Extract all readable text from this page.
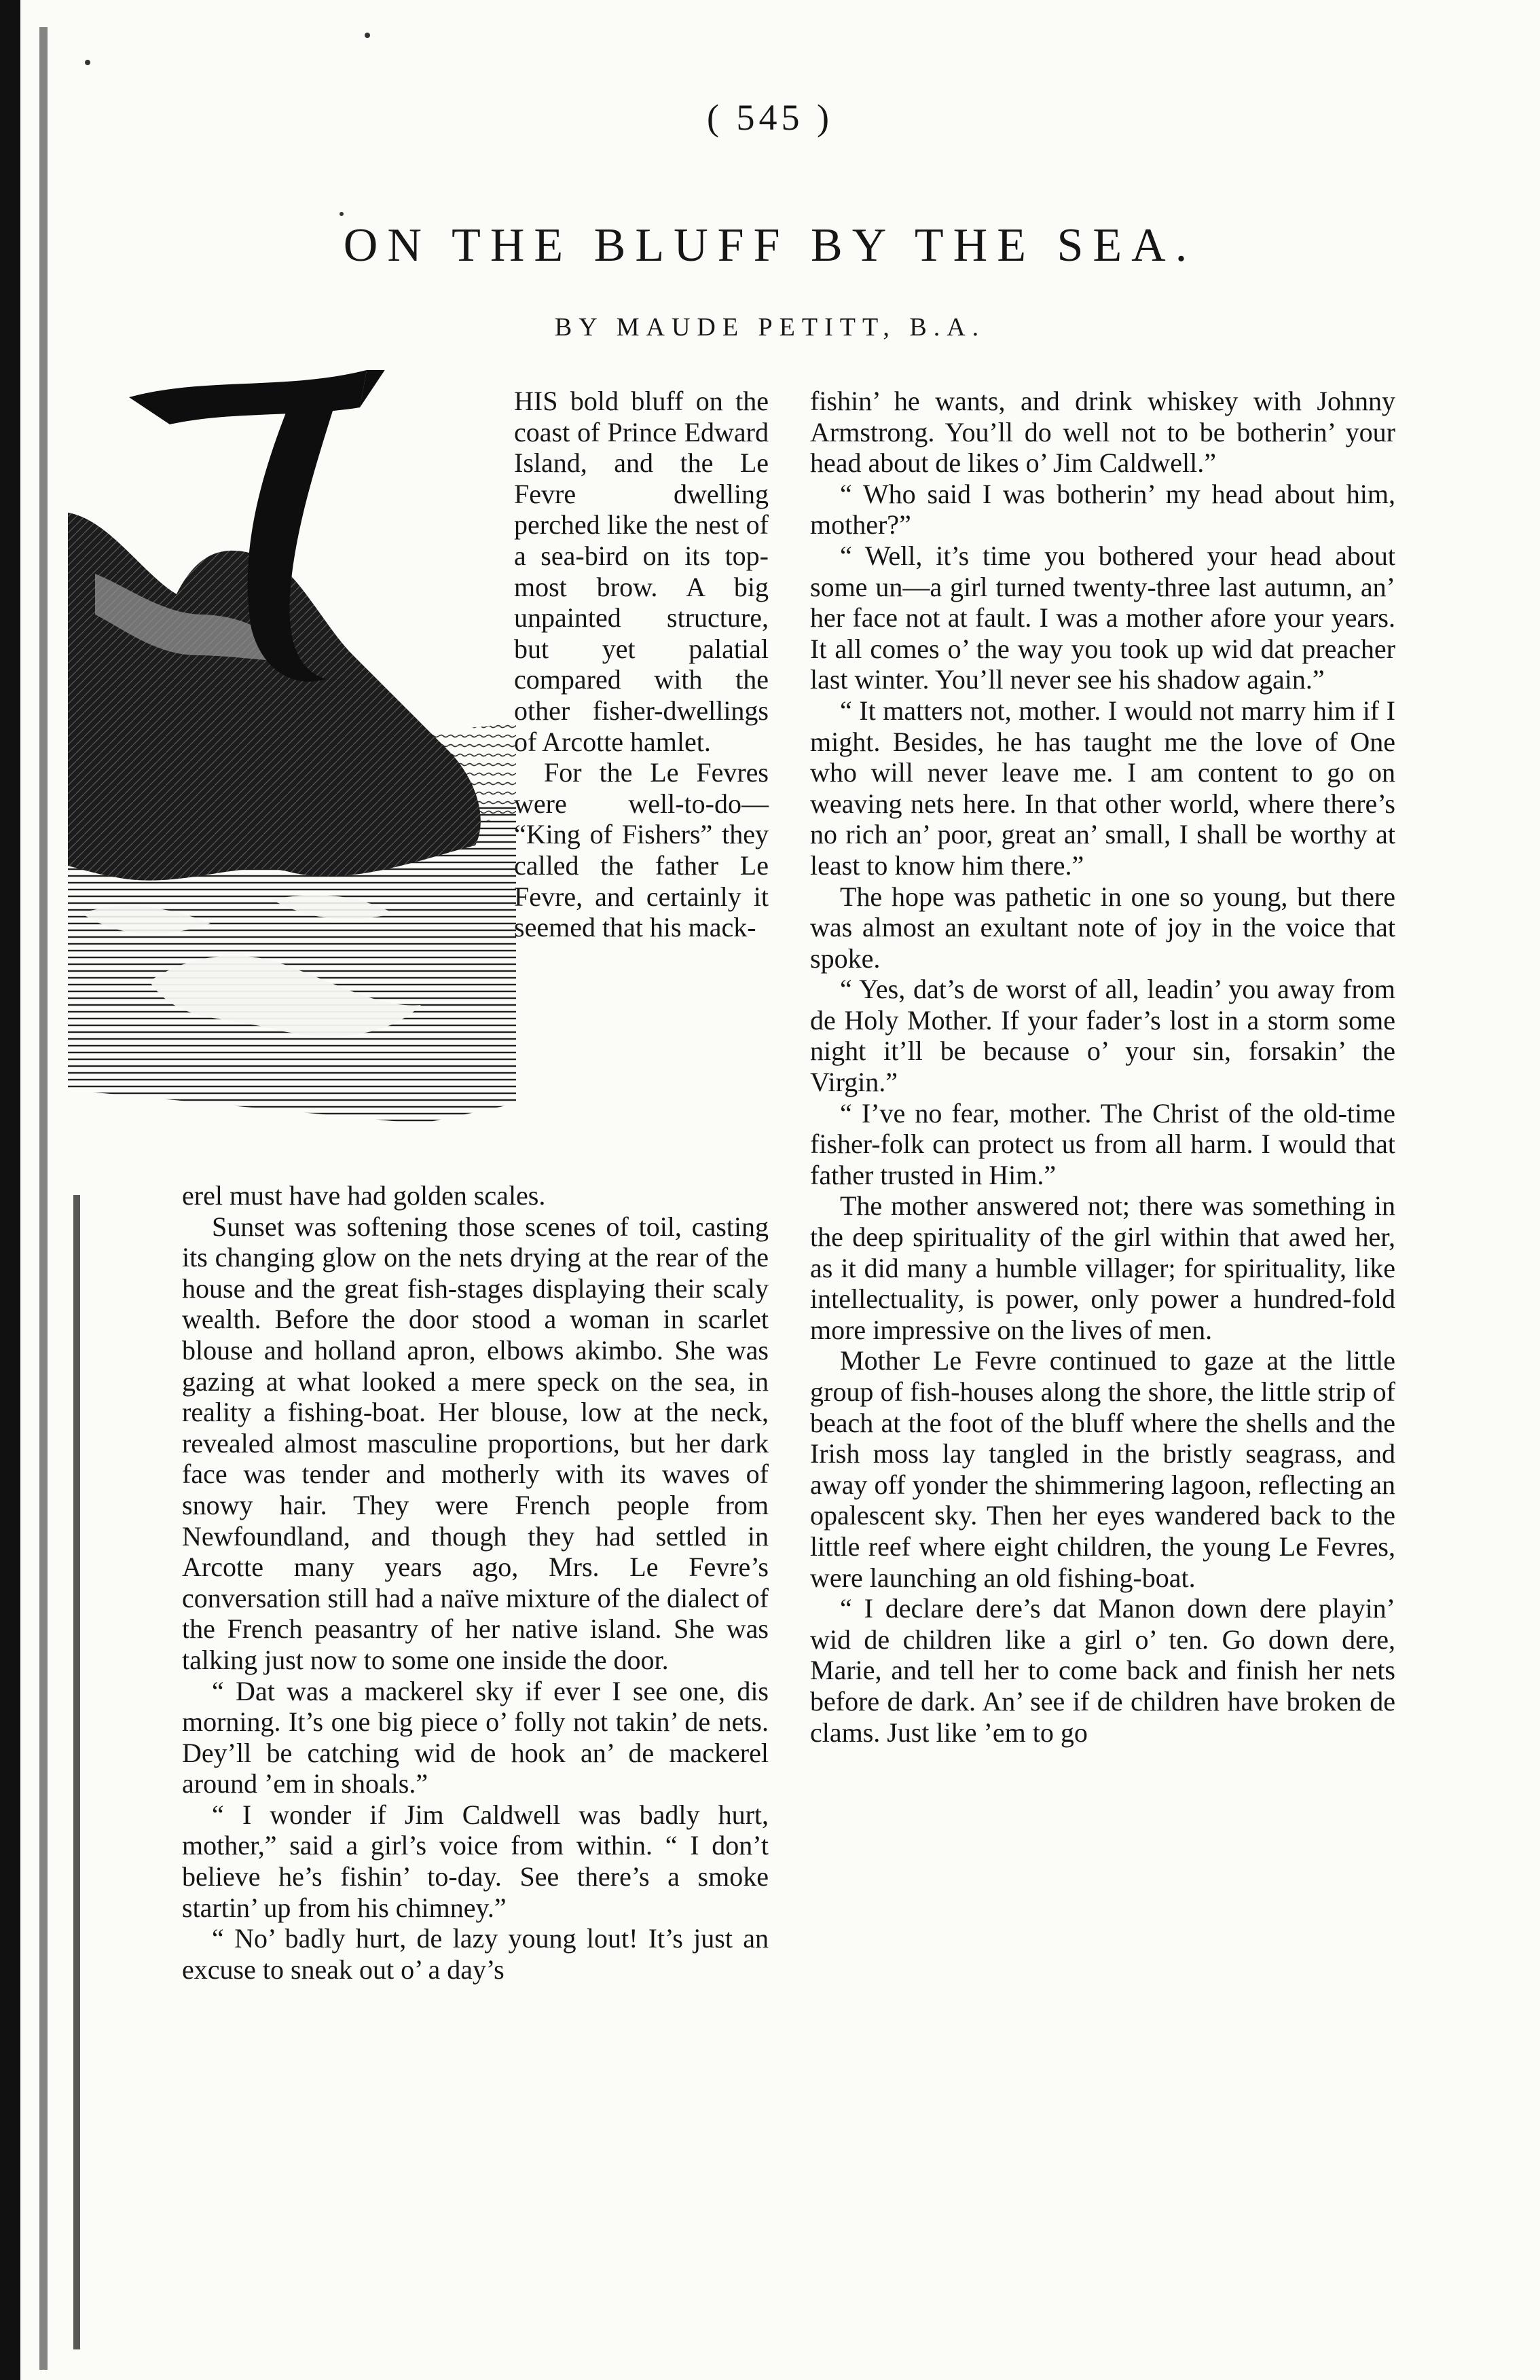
( 545 )
ON THE BLUFF BY THE SEA.
BY MAUDE PETITT, B.A.

HIS bold bluff on the coast of Prince Edward Island, and the Le Fevre dwelling perched like the nest of a sea-bird on its top-most brow. A big unpainted structure, but yet palatial compared with the other fisher-dwellings of Arcotte hamlet.

For the Le Fevres were well-to-do— “King of Fishers” they called the father Le Fevre, and certainly it seemed that his mack-

erel must have had golden scales.

Sunset was softening those scenes of toil, casting its changing glow on the nets drying at the rear of the house and the great fish-stages displaying their scaly wealth. Before the door stood a woman in scarlet blouse and holland apron, elbows akimbo. She was gazing at what looked a mere speck on the sea, in reality a fishing-boat. Her blouse, low at the neck, revealed almost masculine proportions, but her dark face was tender and motherly with its waves of snowy hair. They were French people from Newfoundland, and though they had settled in Arcotte many years ago, Mrs. Le Fevre’s conversation still had a naïve mixture of the dialect of the French peasantry of her native island. She was talking just now to some one inside the door.

“ Dat was a mackerel sky if ever I see one, dis morning. It’s one big piece o’ folly not takin’ de nets. Dey’ll be catching wid de hook an’ de mackerel around ’em in shoals.”

“ I wonder if Jim Caldwell was badly hurt, mother,” said a girl’s voice from within. “ I don’t believe he’s fishin’ to-day. See there’s a smoke startin’ up from his chimney.”

“ No’ badly hurt, de lazy young lout! It’s just an excuse to sneak out o’ a day’s

fishin’ he wants, and drink whiskey with Johnny Armstrong. You’ll do well not to be botherin’ your head about de likes o’ Jim Caldwell.”

“ Who said I was botherin’ my head about him, mother?”

“ Well, it’s time you bothered your head about some un—a girl turned twenty-three last autumn, an’ her face not at fault. I was a mother afore your years. It all comes o’ the way you took up wid dat preacher last winter. You’ll never see his shadow again.”

“ It matters not, mother. I would not marry him if I might. Besides, he has taught me the love of One who will never leave me. I am content to go on weaving nets here. In that other world, where there’s no rich an’ poor, great an’ small, I shall be worthy at least to know him there.”

The hope was pathetic in one so young, but there was almost an exultant note of joy in the voice that spoke.

“ Yes, dat’s de worst of all, leadin’ you away from de Holy Mother. If your fader’s lost in a storm some night it’ll be because o’ your sin, forsakin’ the Virgin.”

“ I’ve no fear, mother. The Christ of the old-time fisher-folk can protect us from all harm. I would that father trusted in Him.”

The mother answered not; there was something in the deep spirituality of the girl within that awed her, as it did many a humble villager; for spirituality, like intellectuality, is power, only power a hundred-fold more impressive on the lives of men.

Mother Le Fevre continued to gaze at the little group of fish-houses along the shore, the little strip of beach at the foot of the bluff where the shells and the Irish moss lay tangled in the bristly seagrass, and away off yonder the shimmering lagoon, reflecting an opalescent sky. Then her eyes wandered back to the little reef where eight children, the young Le Fevres, were launching an old fishing-boat.

“ I declare dere’s dat Manon down dere playin’ wid de children like a girl o’ ten. Go down dere, Marie, and tell her to come back and finish her nets before de dark. An’ see if de children have broken de clams. Just like ’em to go
